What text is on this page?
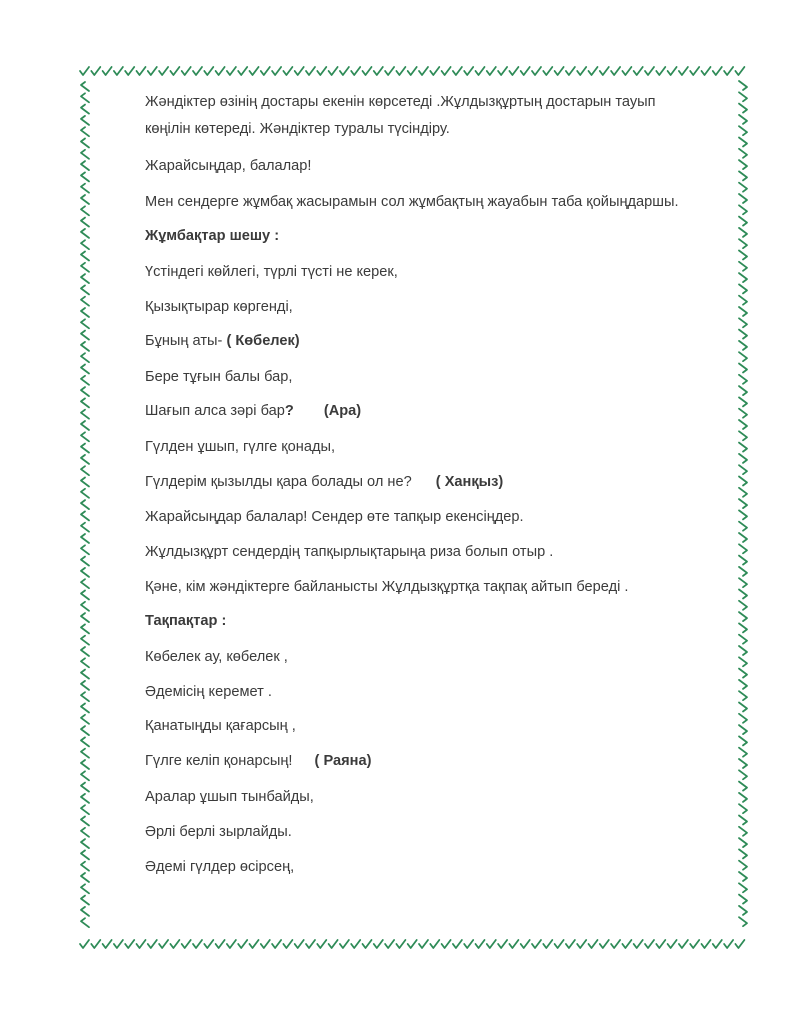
Жәндіктер өзінің достары екенін көрсетеді .Жұлдызқұртың достарын тауып
көңілін көтереді. Жәндіктер туралы түсіндіру.
Жарайсыңдар, балалар!
Мен сендерге жұмбақ жасырамын сол жұмбақтың жауабын таба қойыңдаршы.
Жұмбақтар шешу :
Үстіндегі көйлегі, түрлі түсті не керек,
Қызықтырар көргенді,
Бұның аты- ( Көбелек)
Бере тұғын балы бар,
Шағып алса зәрі бар? (Ара)
Гүлден ұшып, гүлге қонады,
Гүлдерім қызылды қара болады ол не? ( Ханқыз)
Жарайсыңдар балалар! Сендер өте тапқыр екенсіңдер.
Жұлдызқұрт сендердің тапқырлықтарыңа риза болып отыр .
Қәне, кім жәндіктерге байланысты Жұлдызқұртқа тақпақ айтып береді .
Тақпақтар :
Көбелек ау, көбелек ,
Әдемісің керемет .
Қанатыңды қағарсың ,
Гүлге келіп қонарсың! ( Раяна)
Аралар ұшып тынбайды,
Әрлі берлі зырлайды.
Әдемі гүлдер өсірсең,
